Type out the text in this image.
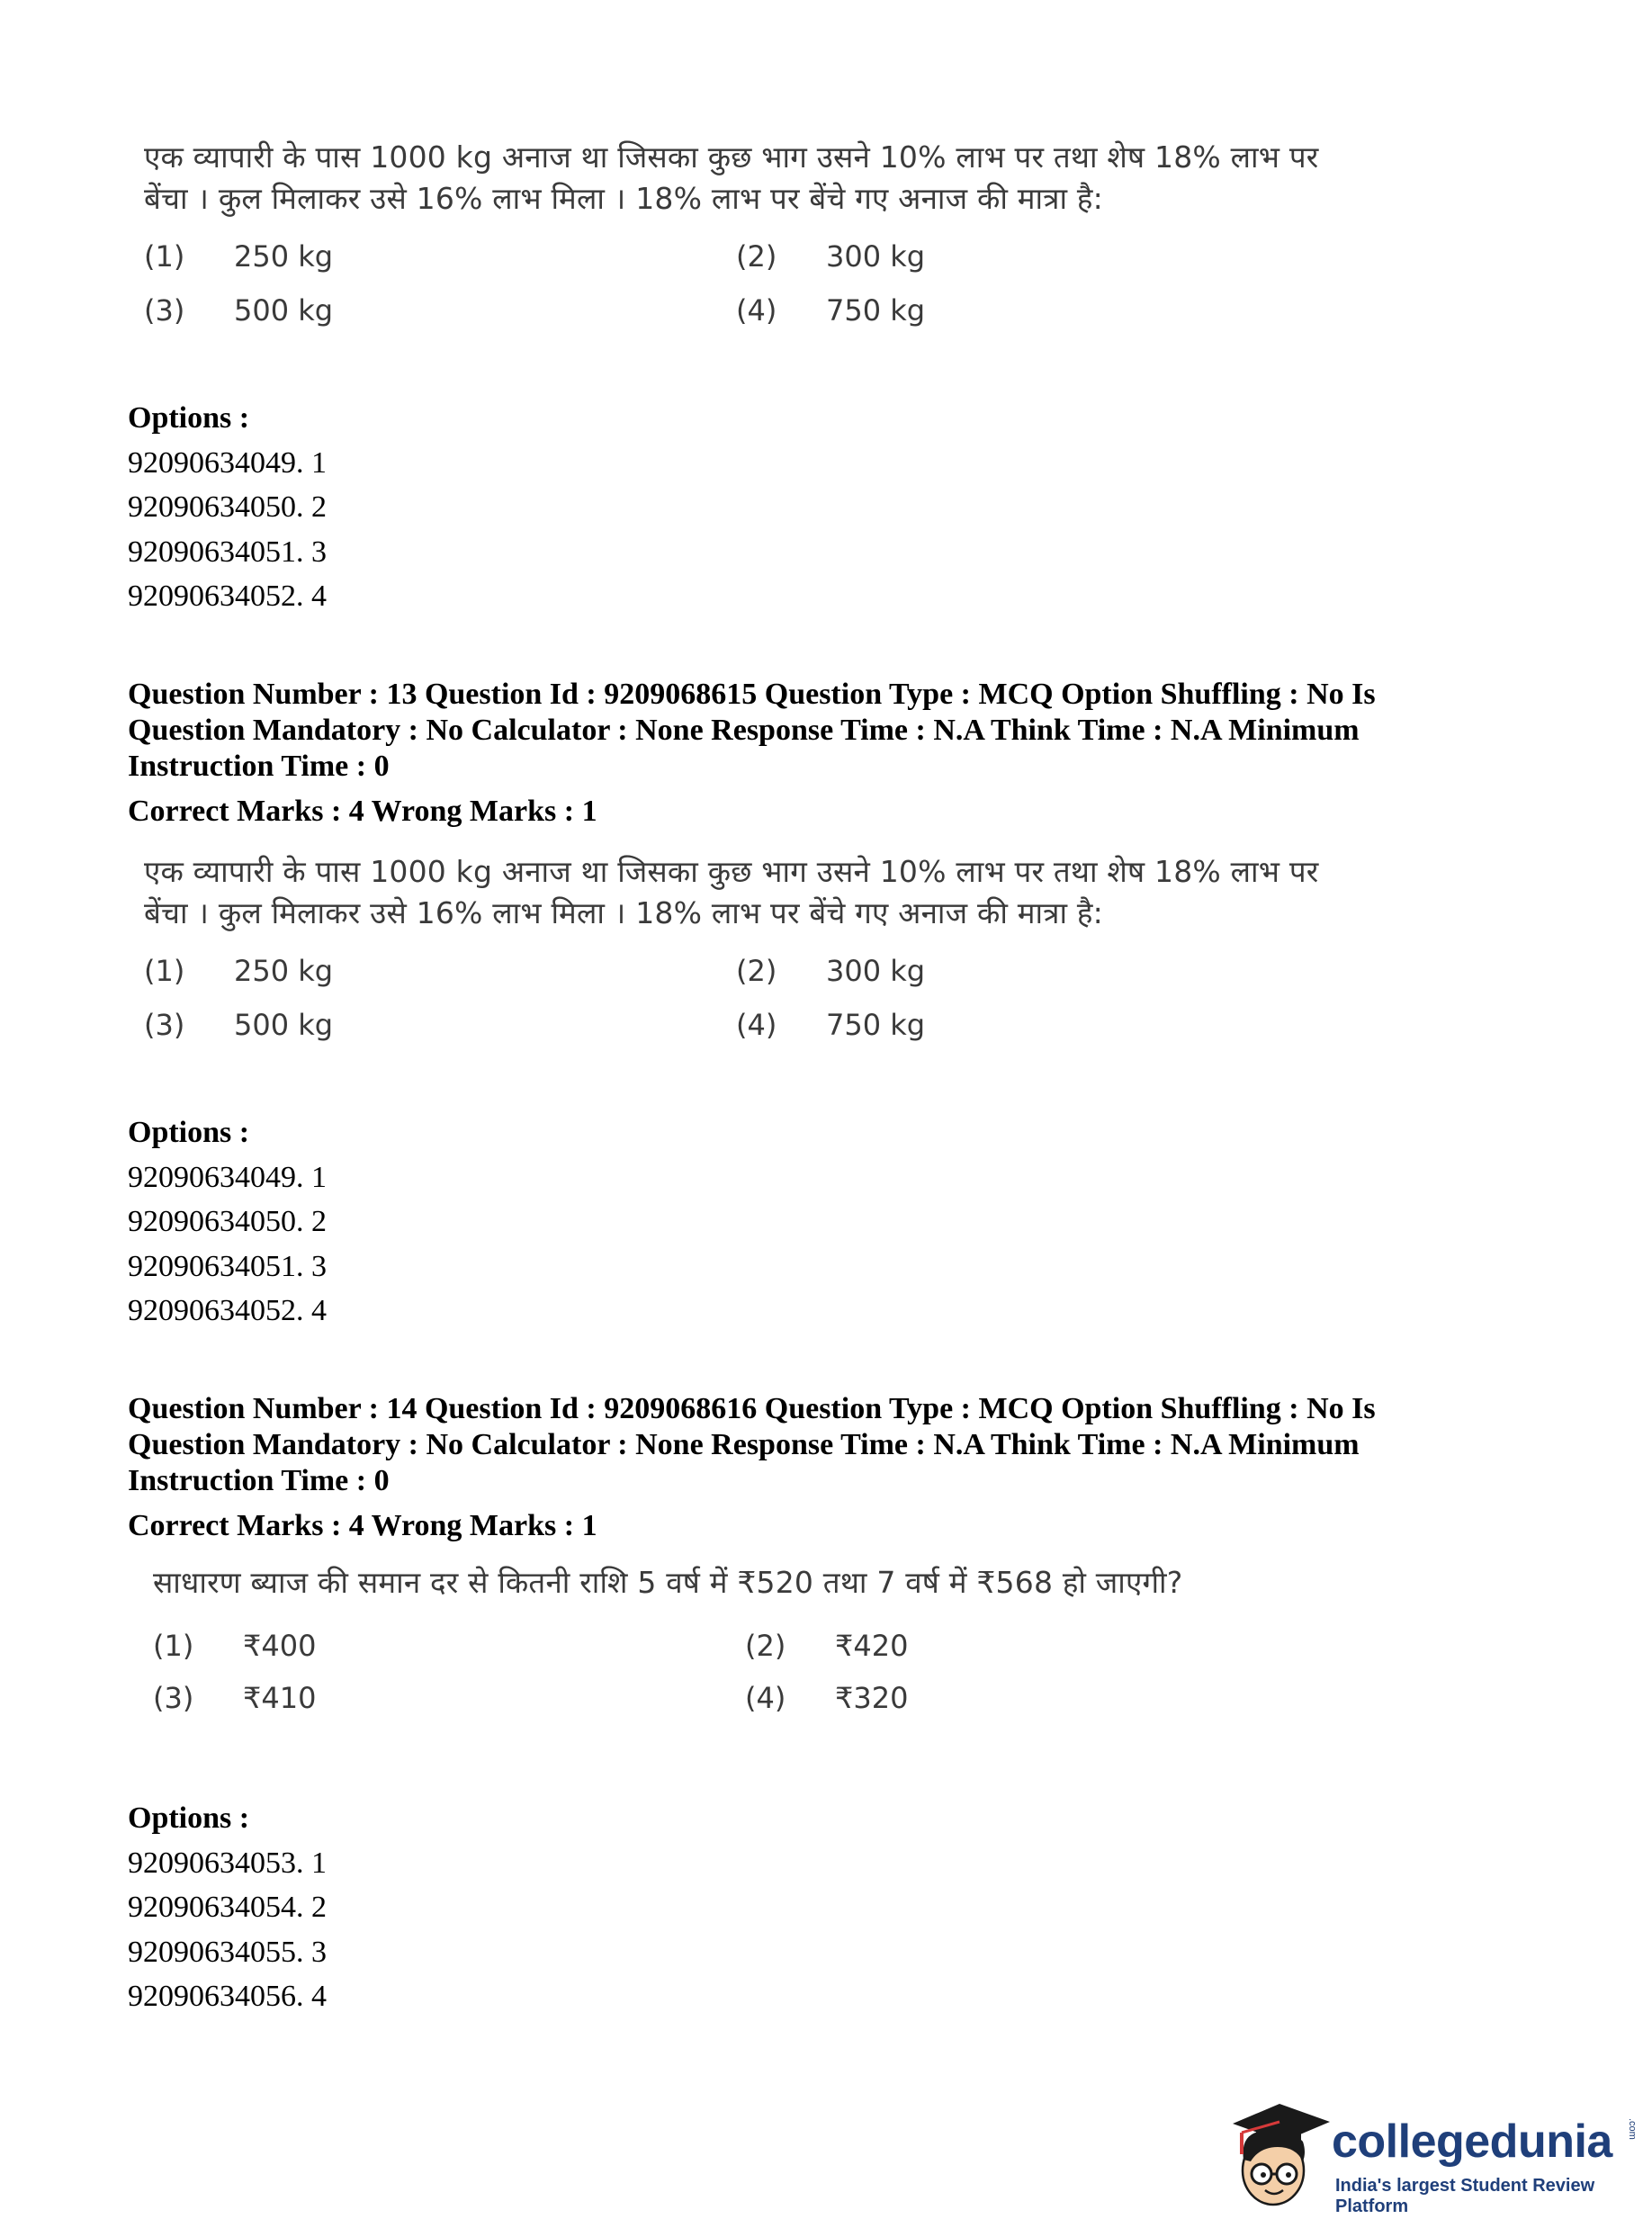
एक व्यापारी के पास 1000 kg अनाज था जिसका कुछ भाग उसने 10% लाभ पर तथा शेष 18% लाभ पर
बेंचा । कुल मिलाकर उसे 16% लाभ मिला । 18% लाभ पर बेंचे गए अनाज की मात्रा है:
(1)	250 kg	(2)	300 kg
(3)	500 kg	(4)	750 kg
Options :
92090634049. 1
92090634050. 2
92090634051. 3
92090634052. 4
Question Number : 13 Question Id : 9209068615 Question Type : MCQ Option Shuffling : No Is
Question Mandatory : No Calculator : None Response Time : N.A Think Time : N.A Minimum
Instruction Time : 0
Correct Marks : 4 Wrong Marks : 1
एक व्यापारी के पास 1000 kg अनाज था जिसका कुछ भाग उसने 10% लाभ पर तथा शेष 18% लाभ पर
बेंचा । कुल मिलाकर उसे 16% लाभ मिला । 18% लाभ पर बेंचे गए अनाज की मात्रा है:
(1)	250 kg	(2)	300 kg
(3)	500 kg	(4)	750 kg
Options :
92090634049. 1
92090634050. 2
92090634051. 3
92090634052. 4
Question Number : 14 Question Id : 9209068616 Question Type : MCQ Option Shuffling : No Is
Question Mandatory : No Calculator : None Response Time : N.A Think Time : N.A Minimum
Instruction Time : 0
Correct Marks : 4 Wrong Marks : 1
साधारण ब्याज की समान दर से कितनी राशि 5 वर्ष में ₹520 तथा 7 वर्ष में ₹568 हो जाएगी?
(1)	₹400	(2)	₹420
(3)	₹410	(4)	₹320
Options :
92090634053. 1
92090634054. 2
92090634055. 3
92090634056. 4
collegedunia .com
India's largest Student Review Platform
